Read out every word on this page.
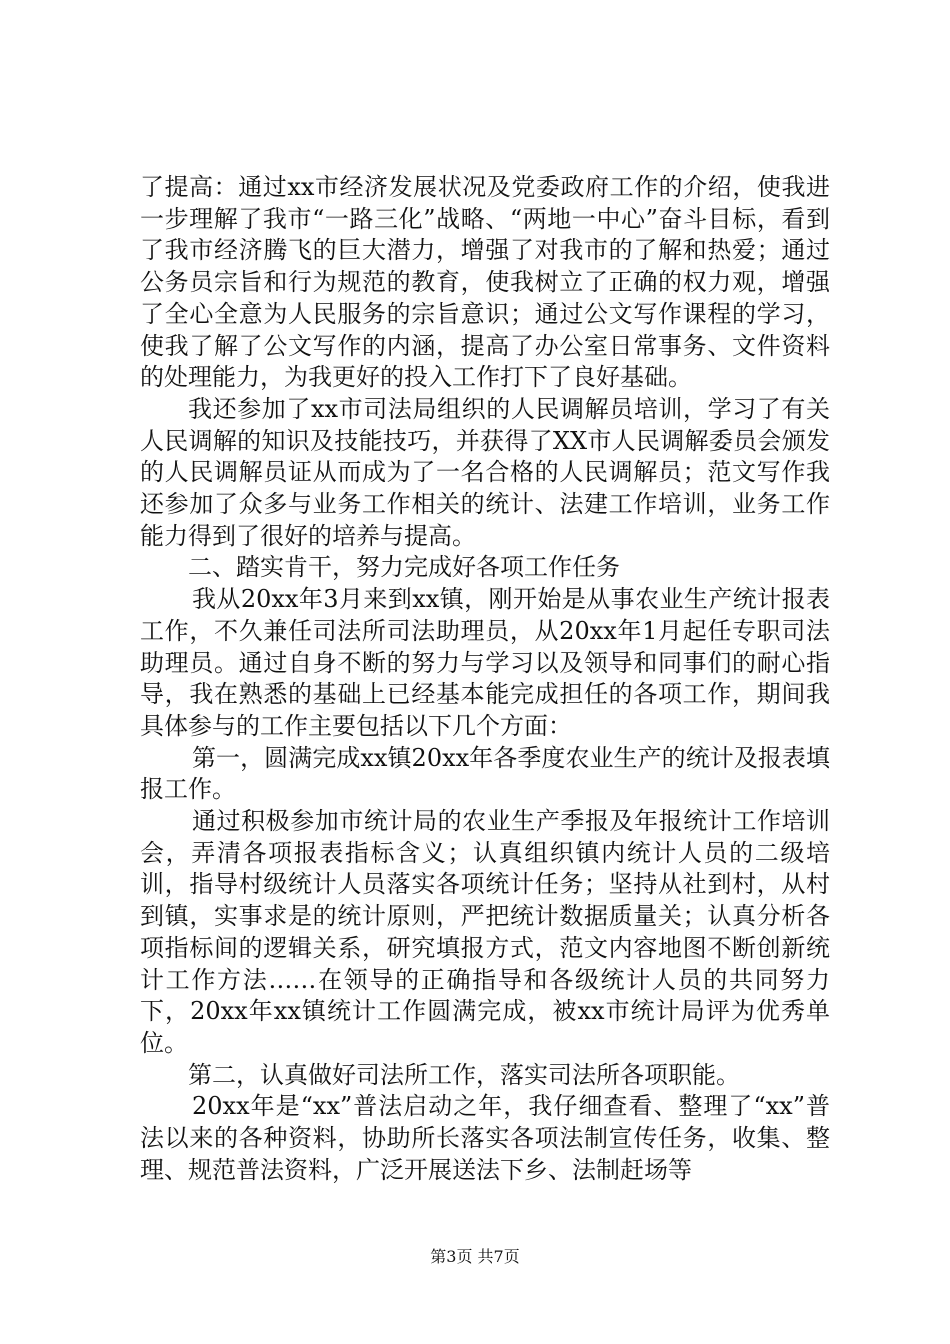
了提高：通过xx市经济发展状况及党委政府工作的介绍，使我进一步理解了我市“一路三化”战略、“两地一中心”奋斗目标，看到了我市经济腾飞的巨大潜力，增强了对我市的了解和热爱；通过公务员宗旨和行为规范的教育，使我树立了正确的权力观，增强了全心全意为人民服务的宗旨意识；通过公文写作课程的学习，使我了解了公文写作的内涵，提高了办公室日常事务、文件资料的处理能力，为我更好的投入工作打下了良好基础。

我还参加了xx市司法局组织的人民调解员培训，学习了有关人民调解的知识及技能技巧，并获得了XX市人民调解委员会颁发的人民调解员证从而成为了一名合格的人民调解员；范文写作我还参加了众多与业务工作相关的统计、法建工作培训，业务工作能力得到了很好的培养与提高。

二、踏实肯干，努力完成好各项工作任务

我从20xx年3月来到xx镇，刚开始是从事农业生产统计报表工作，不久兼任司法所司法助理员，从20xx年1月起任专职司法助理员。通过自身不断的努力与学习以及领导和同事们的耐心指导，我在熟悉的基础上已经基本能完成担任的各项工作，期间我具体参与的工作主要包括以下几个方面：

第一，圆满完成xx镇20xx年各季度农业生产的统计及报表填报工作。

通过积极参加市统计局的农业生产季报及年报统计工作培训会，弄清各项报表指标含义；认真组织镇内统计人员的二级培训，指导村级统计人员落实各项统计任务；坚持从社到村，从村到镇，实事求是的统计原则，严把统计数据质量关；认真分析各项指标间的逻辑关系，研究填报方式，范文内容地图不断创新统计工作方法……在领导的正确指导和各级统计人员的共同努力下，20xx年xx镇统计工作圆满完成，被xx市统计局评为优秀单位。

第二，认真做好司法所工作，落实司法所各项职能。

20xx年是“xx”普法启动之年，我仔细查看、整理了“xx”普法以来的各种资料，协助所长落实各项法制宣传任务，收集、整理、规范普法资料，广泛开展送法下乡、法制赶场等

第3页 共7页
